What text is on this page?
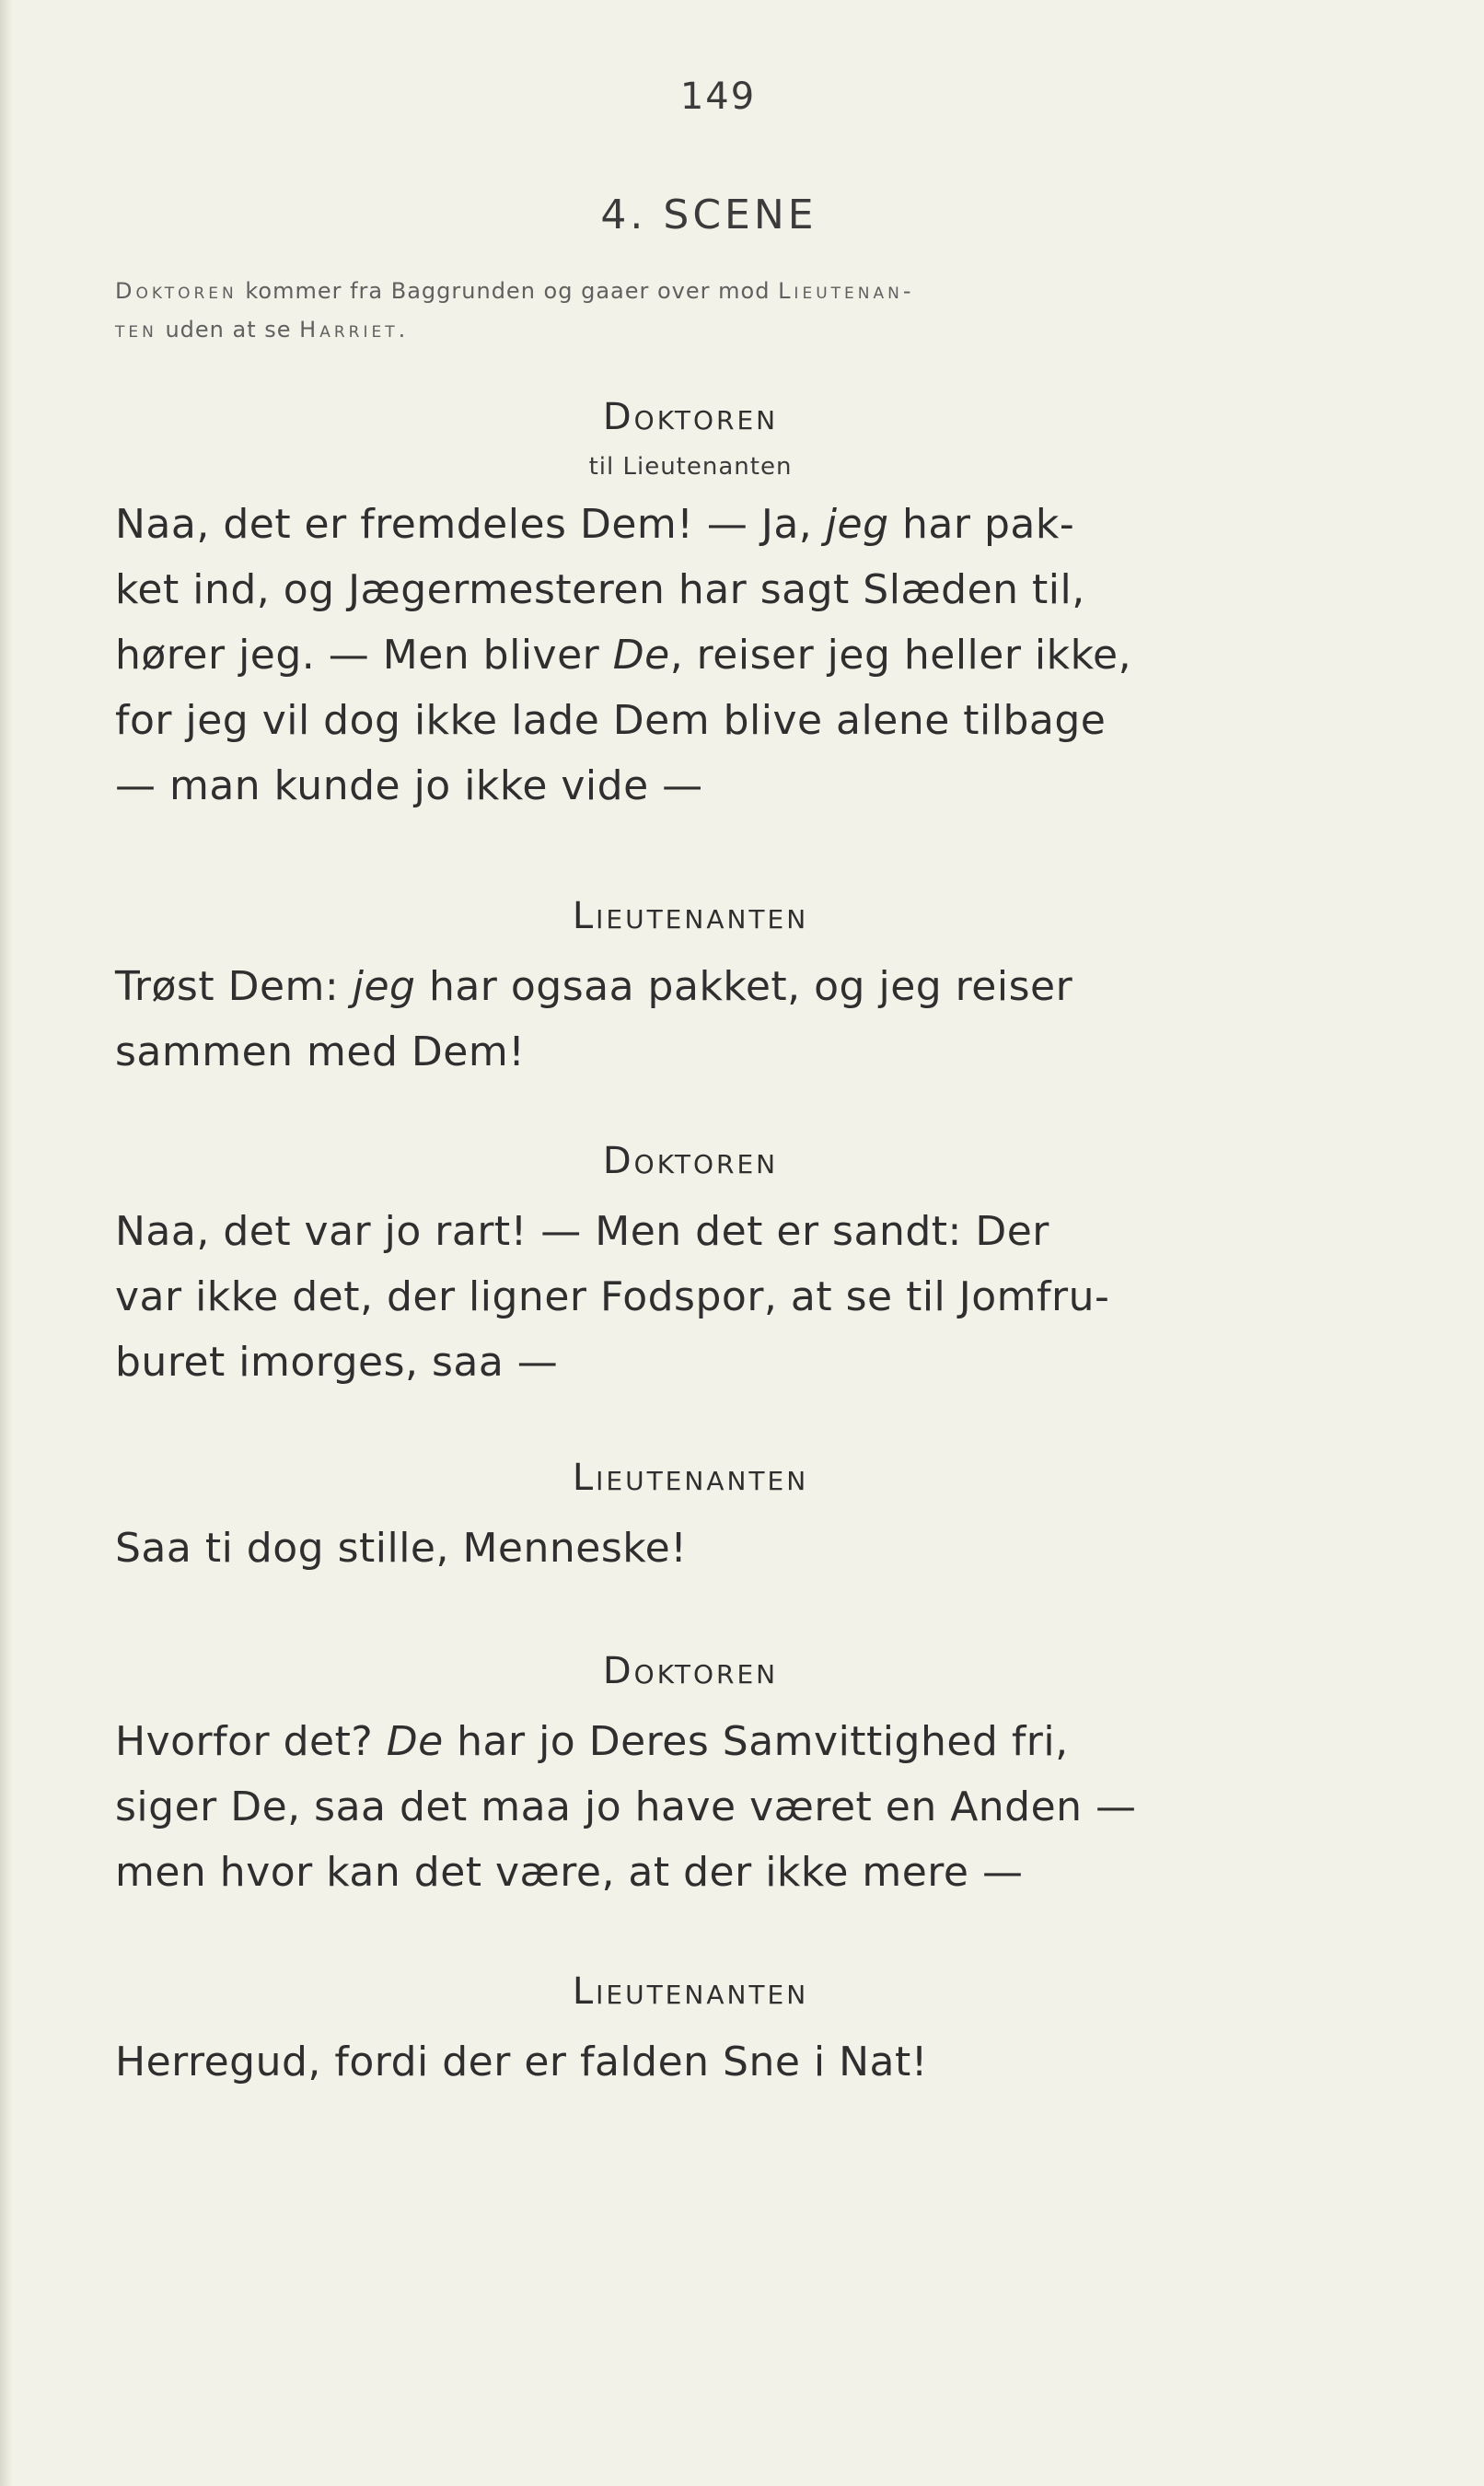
149
4. SCENE
Doktoren kommer fra Baggrunden og gaaer over mod Lieutenan-
ten uden at se Harriet.
Doktoren
til Lieutenanten
Naa, det er fremdeles Dem! — Ja, jeg har pak-
ket ind, og Jægermesteren har sagt Slæden til,
hører jeg. — Men bliver De, reiser jeg heller ikke,
for jeg vil dog ikke lade Dem blive alene tilbage
— man kunde jo ikke vide —
Lieutenanten
Trøst Dem: jeg har ogsaa pakket, og jeg reiser
sammen med Dem!
Doktoren
Naa, det var jo rart! — Men det er sandt: Der
var ikke det, der ligner Fodspor, at se til Jomfru-
buret imorges, saa —
Lieutenanten
Saa ti dog stille, Menneske!
Doktoren
Hvorfor det? De har jo Deres Samvittighed fri,
siger De, saa det maa jo have været en Anden —
men hvor kan det være, at der ikke mere —
Lieutenanten
Herregud, fordi der er falden Sne i Nat!
